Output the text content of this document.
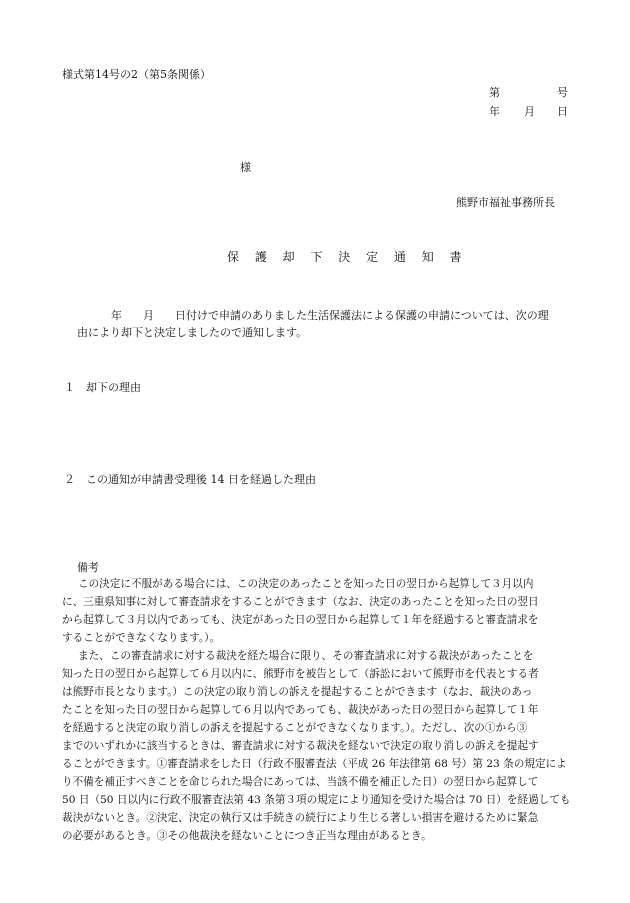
様式第14号の2（第5条関係）
第	号
年 月 日
様
熊野市福祉事務所長
保 護 却 下 決 定 通 知 書
年 月 日付けで申請のありました生活保護法による保護の申請については、次の理
由により却下と決定しましたので通知します。
１　却下の理由
２　この通知が申請書受理後 14 日を経過した理由
備考

この決定に不服がある場合には、この決定のあったことを知った日の翌日から起算して３月以内

に、三重県知事に対して審査請求をすることができます（なお、決定のあったことを知った日の翌日

から起算して３月以内であっても、決定があった日の翌日から起算して１年を経過すると審査請求を

することができなくなります。）。

また、この審査請求に対する裁決を経た場合に限り、その審査請求に対する裁決があったことを

知った日の翌日から起算して６月以内に、熊野市を被告として（訴訟において熊野市を代表とする者

は熊野市長となります。）この決定の取り消しの訴えを提起することができます（なお、裁決のあっ

たことを知った日の翌日から起算して６月以内であっても、裁決があった日の翌日から起算して１年

を経過すると決定の取り消しの訴えを提起することができなくなります。）。ただし、次の①から③

までのいずれかに該当するときは、審査請求に対する裁決を経ないで決定の取り消しの訴えを提起す

ることができます。①審査請求をした日（行政不服審査法（平成 26 年法律第 68 号）第 23 条の規定によ

り不備を補正すべきことを命じられた場合にあっては、当該不備を補正した日）の翌日から起算して

50 日（50 日以内に行政不服審査法第 43 条第３項の規定により通知を受けた場合は 70 日）を経過しても

裁決がないとき。②決定、決定の執行又は手続きの続行により生じる著しい損害を避けるために緊急

の必要があるとき。③その他裁決を経ないことにつき正当な理由があるとき。
